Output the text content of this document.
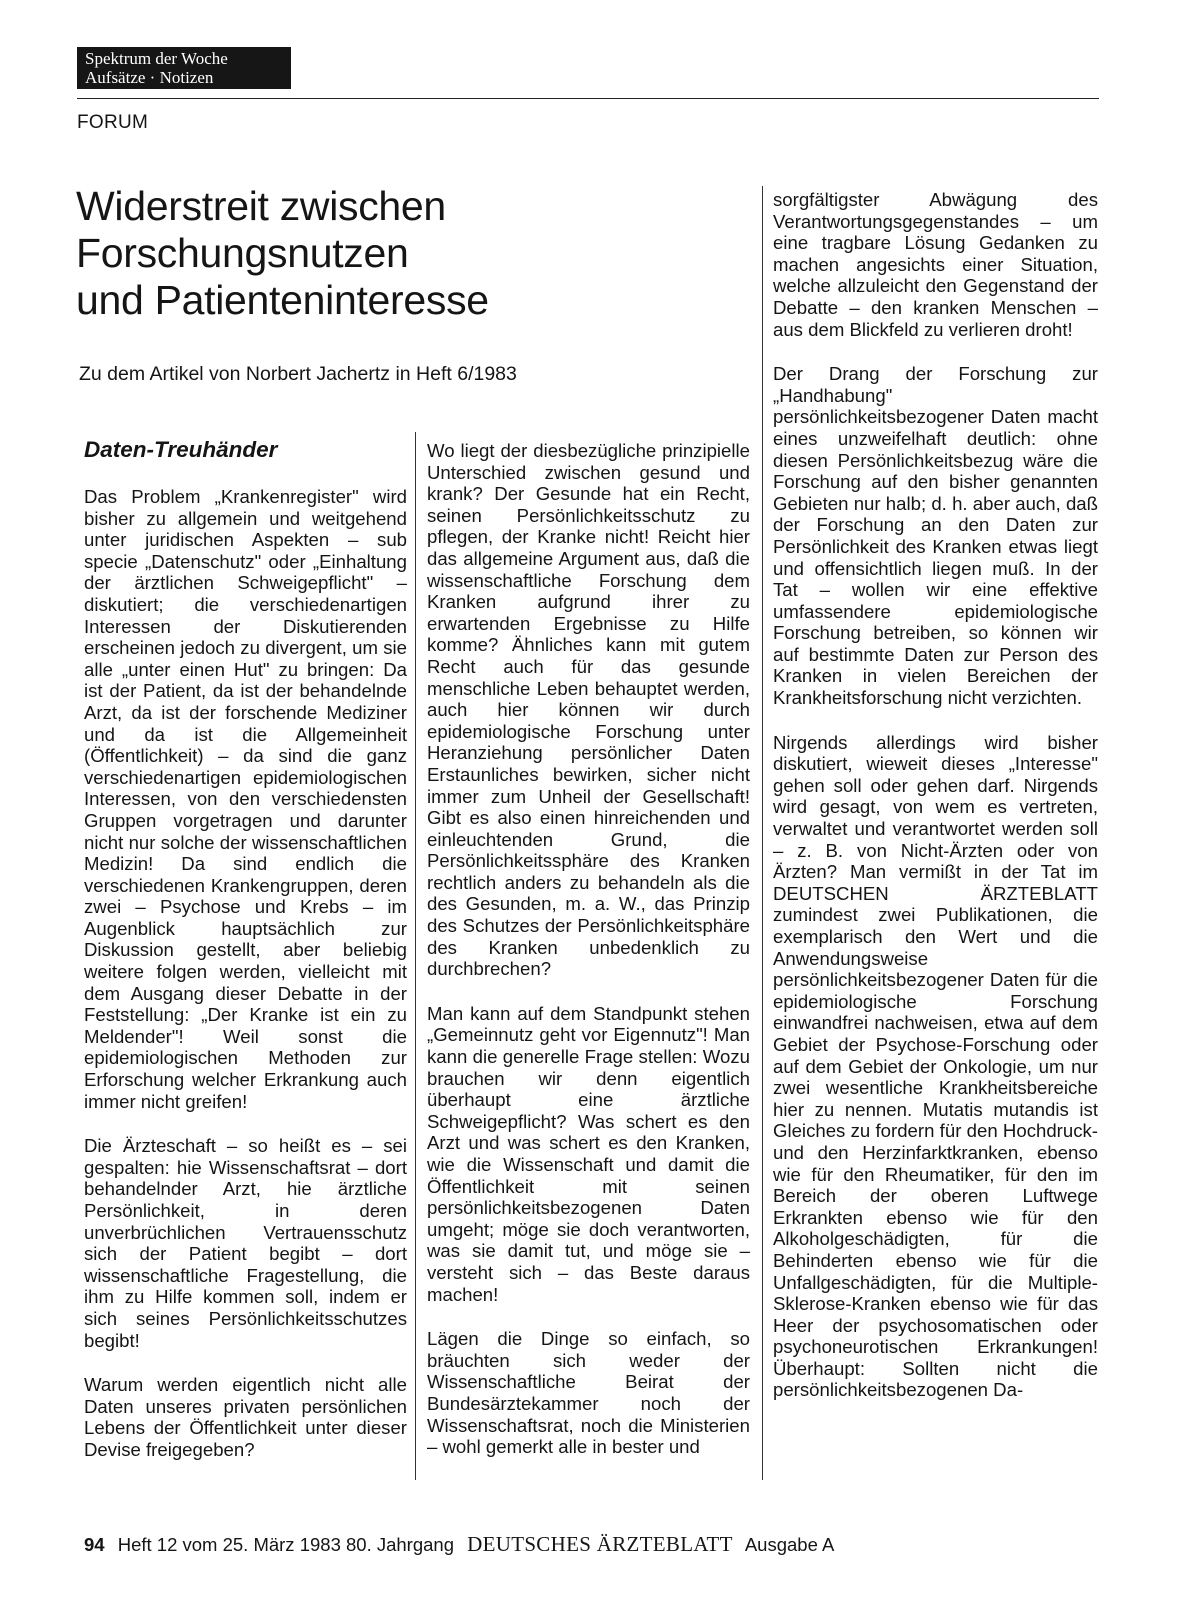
Spektrum der Woche
Aufsätze · Notizen
FORUM
Widerstreit zwischen
Forschungsnutzen
und Patienteninteresse
Zu dem Artikel von Norbert Jachertz in Heft 6/1983
Daten-Treuhänder

Das Problem „Krankenregister" wird bisher zu allgemein und weitgehend unter juridischen Aspekten – sub specie „Datenschutz" oder „Einhaltung der ärztlichen Schweigepflicht" – diskutiert; die verschiedenartigen Interessen der Diskutierenden erscheinen jedoch zu divergent, um sie alle „unter einen Hut" zu bringen: Da ist der Patient, da ist der behandelnde Arzt, da ist der forschende Mediziner und da ist die Allgemeinheit (Öffentlichkeit) – da sind die ganz verschiedenartigen epidemiologischen Interessen, von den verschiedensten Gruppen vorgetragen und darunter nicht nur solche der wissenschaftlichen Medizin! Da sind endlich die verschiedenen Krankengruppen, deren zwei – Psychose und Krebs – im Augenblick hauptsächlich zur Diskussion gestellt, aber beliebig weitere folgen werden, vielleicht mit dem Ausgang dieser Debatte in der Feststellung: „Der Kranke ist ein zu Meldender"! Weil sonst die epidemiologischen Methoden zur Erforschung welcher Erkrankung auch immer nicht greifen!

Die Ärzteschaft – so heißt es – sei gespalten: hie Wissenschaftsrat – dort behandelnder Arzt, hie ärztliche Persönlichkeit, in deren unverbrüchlichen Vertrauensschutz sich der Patient begibt – dort wissenschaftliche Fragestellung, die ihm zu Hilfe kommen soll, indem er sich seines Persönlichkeitsschutzes begibt!

Warum werden eigentlich nicht alle Daten unseres privaten persönlichen Lebens der Öffentlichkeit unter dieser Devise freigegeben?

Wo liegt der diesbezügliche prinzipielle Unterschied zwischen gesund und krank? Der Gesunde hat ein Recht, seinen Persönlichkeitsschutz zu pflegen, der Kranke nicht! Reicht hier das allgemeine Argument aus, daß die wissenschaftliche Forschung dem Kranken aufgrund ihrer zu erwartenden Ergebnisse zu Hilfe komme? Ähnliches kann mit gutem Recht auch für das gesunde menschliche Leben behauptet werden, auch hier können wir durch epidemiologische Forschung unter Heranziehung persönlicher Daten Erstaunliches bewirken, sicher nicht immer zum Unheil der Gesellschaft! Gibt es also einen hinreichenden und einleuchtenden Grund, die Persönlichkeitssphäre des Kranken rechtlich anders zu behandeln als die des Gesunden, m. a. W., das Prinzip des Schutzes der Persönlichkeitsphäre des Kranken unbedenklich zu durchbrechen?

Man kann auf dem Standpunkt stehen „Gemeinnutz geht vor Eigennutz"! Man kann die generelle Frage stellen: Wozu brauchen wir denn eigentlich überhaupt eine ärztliche Schweigepflicht? Was schert es den Arzt und was schert es den Kranken, wie die Wissenschaft und damit die Öffentlichkeit mit seinen persönlichkeitsbezogenen Daten umgeht; möge sie doch verantworten, was sie damit tut, und möge sie – versteht sich – das Beste daraus machen!

Lägen die Dinge so einfach, so bräuchten sich weder der Wissenschaftliche Beirat der Bundesärztekammer noch der Wissenschaftsrat, noch die Ministerien – wohl gemerkt alle in bester und

sorgfältigster Abwägung des Verantwortungsgegenstandes – um eine tragbare Lösung Gedanken zu machen angesichts einer Situation, welche allzuleicht den Gegenstand der Debatte – den kranken Menschen – aus dem Blickfeld zu verlieren droht!

Der Drang der Forschung zur „Handhabung" persönlichkeitsbezogener Daten macht eines unzweifelhaft deutlich: ohne diesen Persönlichkeitsbezug wäre die Forschung auf den bisher genannten Gebieten nur halb; d. h. aber auch, daß der Forschung an den Daten zur Persönlichkeit des Kranken etwas liegt und offensichtlich liegen muß. In der Tat – wollen wir eine effektive umfassendere epidemiologische Forschung betreiben, so können wir auf bestimmte Daten zur Person des Kranken in vielen Bereichen der Krankheitsforschung nicht verzichten.

Nirgends allerdings wird bisher diskutiert, wieweit dieses „Interesse" gehen soll oder gehen darf. Nirgends wird gesagt, von wem es vertreten, verwaltet und verantwortet werden soll – z. B. von Nicht-Ärzten oder von Ärzten? Man vermißt in der Tat im DEUTSCHEN ÄRZTEBLATT zumindest zwei Publikationen, die exemplarisch den Wert und die Anwendungsweise persönlichkeitsbezogener Daten für die epidemiologische Forschung einwandfrei nachweisen, etwa auf dem Gebiet der Psychose-Forschung oder auf dem Gebiet der Onkologie, um nur zwei wesentliche Krankheitsbereiche hier zu nennen. Mutatis mutandis ist Gleiches zu fordern für den Hochdruck- und den Herzinfarktkranken, ebenso wie für den Rheumatiker, für den im Bereich der oberen Luftwege Erkrankten ebenso wie für den Alkoholgeschädigten, für die Behinderten ebenso wie für die Unfallgeschädigten, für die Multiple-Sklerose-Kranken ebenso wie für das Heer der psychosomatischen oder psychoneurotischen Erkrankungen! Überhaupt: Sollten nicht die persönlichkeitsbezogenen Da-

94 Heft 12 vom 25. März 1983 80. Jahrgang DEUTSCHES ÄRZTEBLATT Ausgabe A
